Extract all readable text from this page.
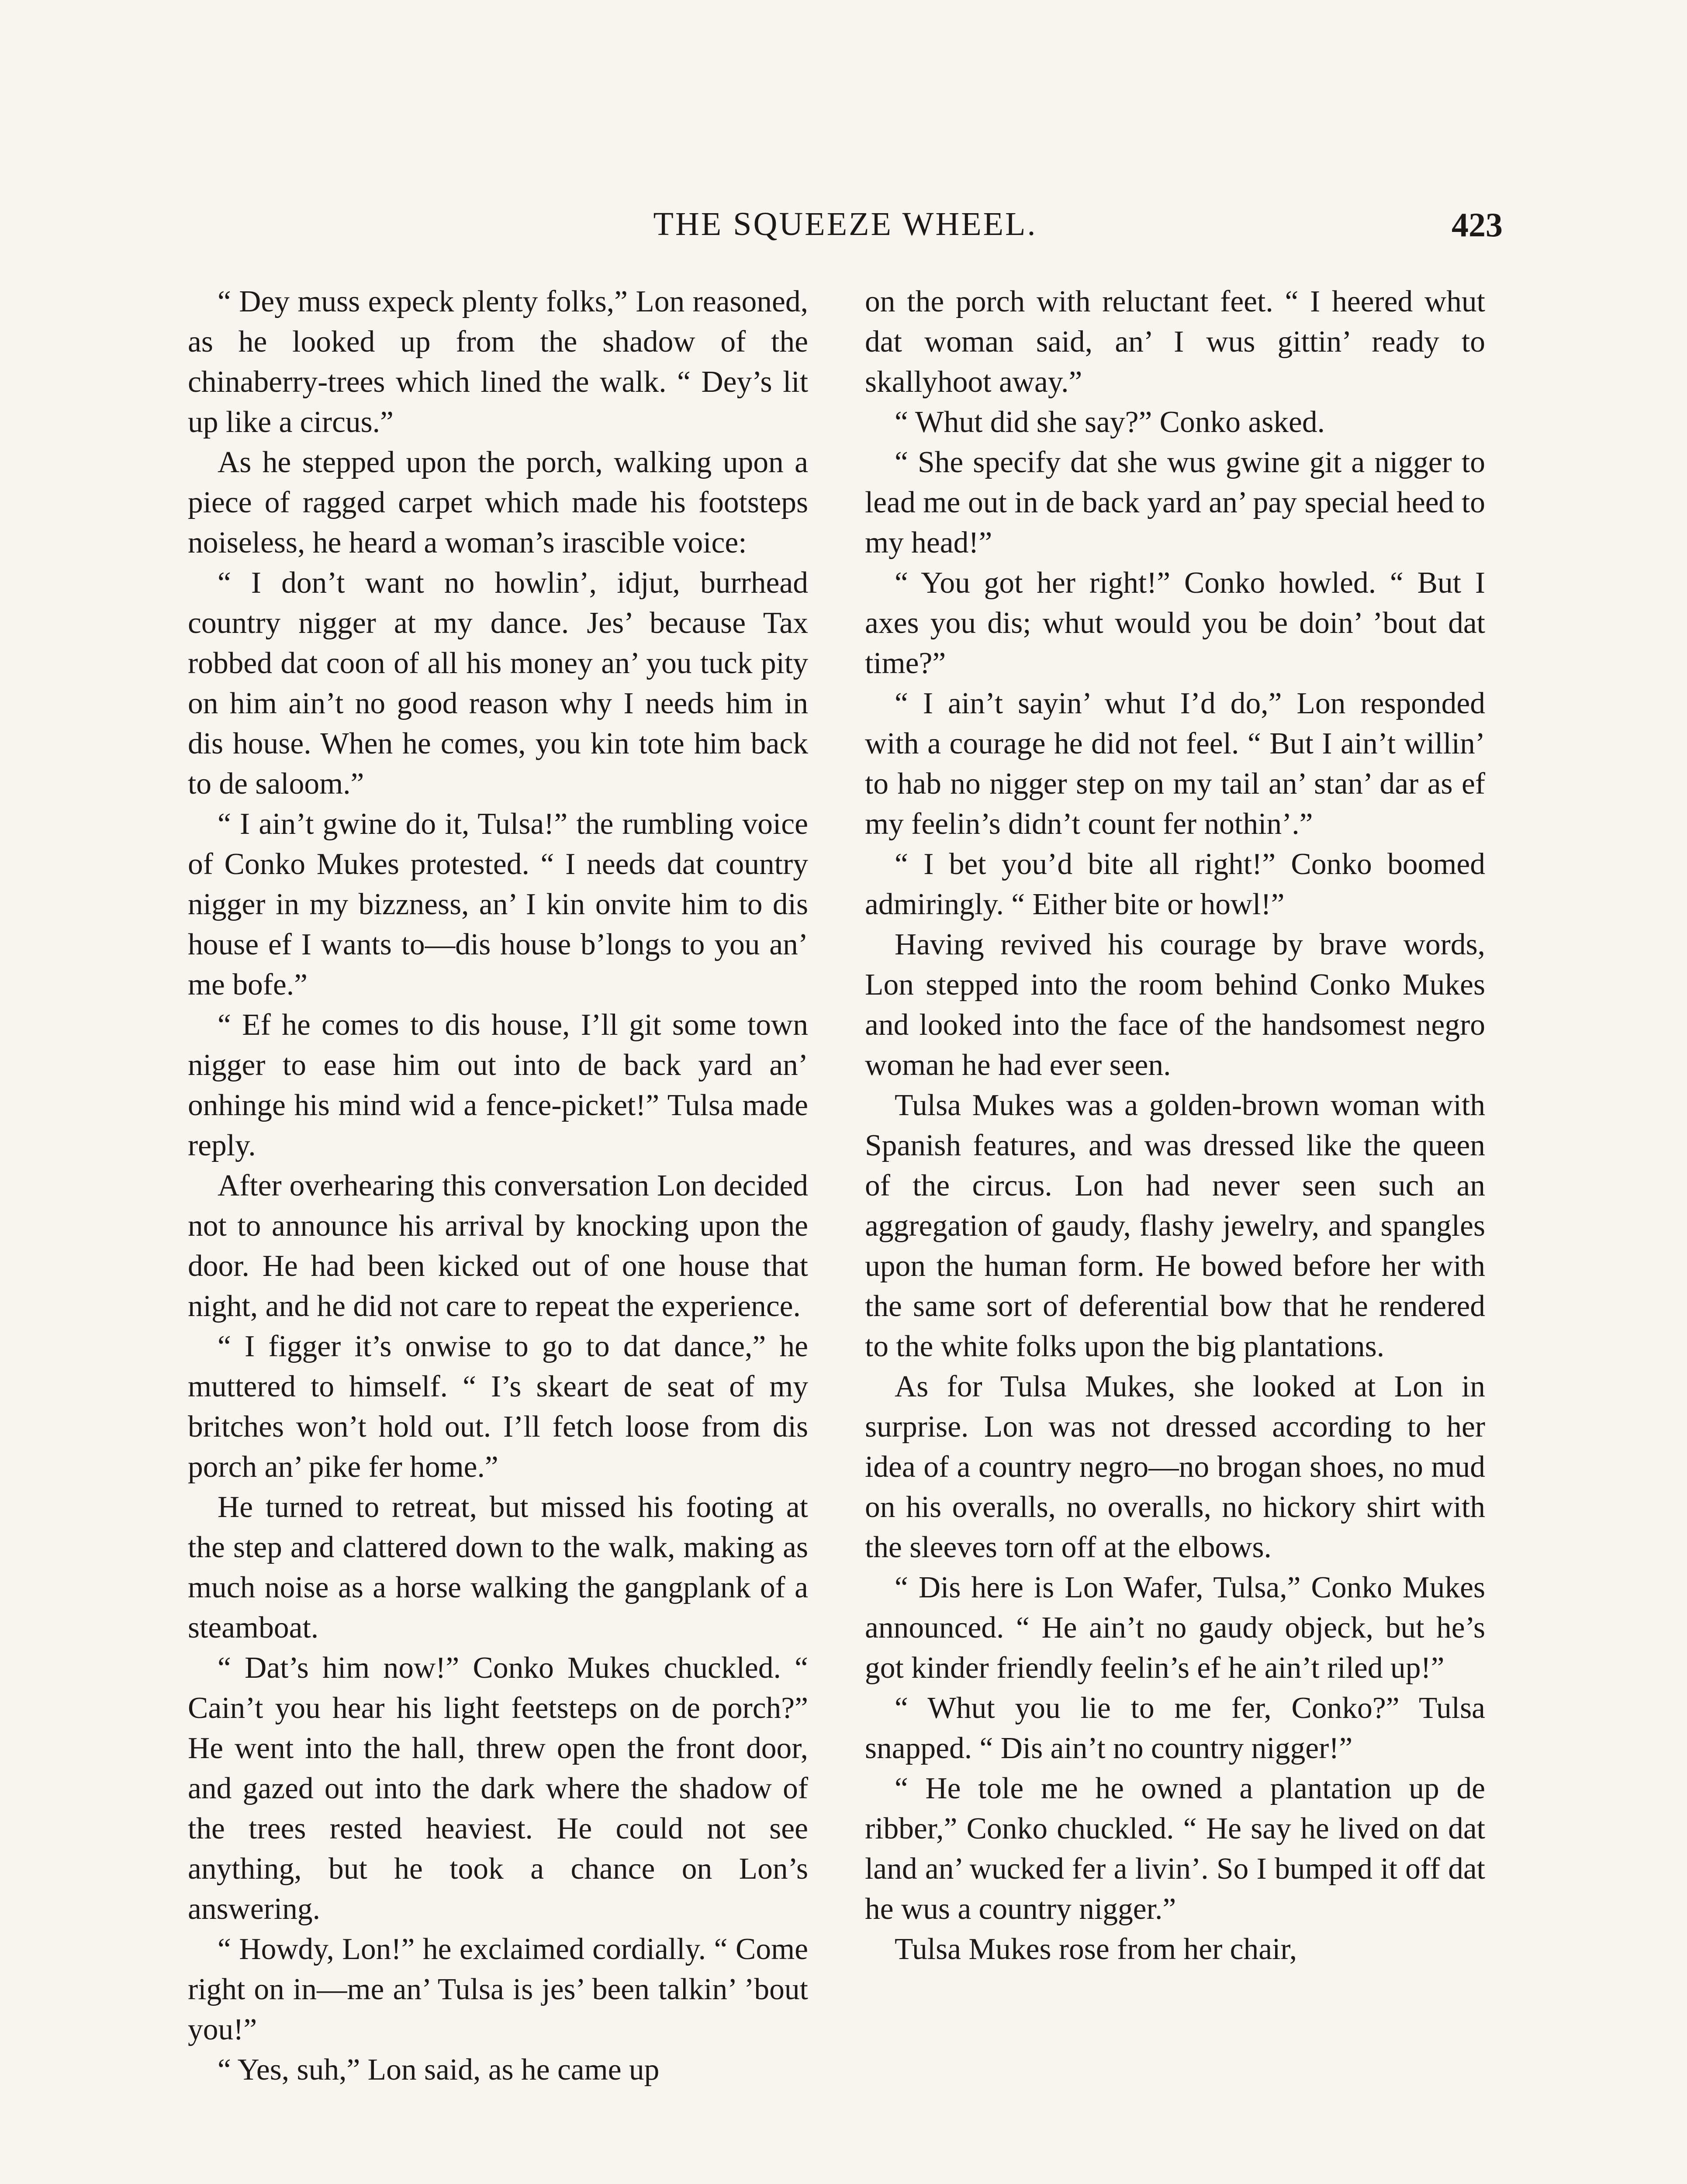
THE SQUEEZE WHEEL.	423

“ Dey muss expeck plenty folks,” Lon reasoned, as he looked up from the shadow of the chinaberry-trees which lined the walk. “ Dey’s lit up like a circus.”

As he stepped upon the porch, walking upon a piece of ragged carpet which made his footsteps noiseless, he heard a woman’s irascible voice:

“ I don’t want no howlin’, idjut, burrhead country nigger at my dance. Jes’ because Tax robbed dat coon of all his money an’ you tuck pity on him ain’t no good reason why I needs him in dis house. When he comes, you kin tote him back to de saloom.”

“ I ain’t gwine do it, Tulsa!” the rumbling voice of Conko Mukes protested. “ I needs dat country nigger in my bizzness, an’ I kin onvite him to dis house ef I wants to—dis house b’longs to you an’ me bofe.”

“ Ef he comes to dis house, I’ll git some town nigger to ease him out into de back yard an’ onhinge his mind wid a fence-picket!” Tulsa made reply.

After overhearing this conversation Lon decided not to announce his arrival by knocking upon the door. He had been kicked out of one house that night, and he did not care to repeat the experience.

“ I figger it’s onwise to go to dat dance,” he muttered to himself. “ I’s skeart de seat of my britches won’t hold out. I’ll fetch loose from dis porch an’ pike fer home.”

He turned to retreat, but missed his footing at the step and clattered down to the walk, making as much noise as a horse walking the gangplank of a steamboat.

“ Dat’s him now!” Conko Mukes chuckled. “ Cain’t you hear his light feetsteps on de porch?” He went into the hall, threw open the front door, and gazed out into the dark where the shadow of the trees rested heaviest. He could not see anything, but he took a chance on Lon’s answering.

“ Howdy, Lon!” he exclaimed cordially. “ Come right on in—me an’ Tulsa is jes’ been talkin’ ’bout you!”

“ Yes, suh,” Lon said, as he came up

on the porch with reluctant feet. “ I heered whut dat woman said, an’ I wus gittin’ ready to skallyhoot away.”

“ Whut did she say?” Conko asked.

“ She specify dat she wus gwine git a nigger to lead me out in de back yard an’ pay special heed to my head!”

“ You got her right!” Conko howled. “ But I axes you dis; whut would you be doin’ ’bout dat time?”

“ I ain’t sayin’ whut I’d do,” Lon responded with a courage he did not feel. “ But I ain’t willin’ to hab no nigger step on my tail an’ stan’ dar as ef my feelin’s didn’t count fer nothin’.”

“ I bet you’d bite all right!” Conko boomed admiringly. “ Either bite or howl!”

Having revived his courage by brave words, Lon stepped into the room behind Conko Mukes and looked into the face of the handsomest negro woman he had ever seen.

Tulsa Mukes was a golden-brown woman with Spanish features, and was dressed like the queen of the circus. Lon had never seen such an aggregation of gaudy, flashy jewelry, and spangles upon the human form. He bowed before her with the same sort of deferential bow that he rendered to the white folks upon the big plantations.

As for Tulsa Mukes, she looked at Lon in surprise. Lon was not dressed according to her idea of a country negro—no brogan shoes, no mud on his overalls, no overalls, no hickory shirt with the sleeves torn off at the elbows.

“ Dis here is Lon Wafer, Tulsa,” Conko Mukes announced. “ He ain’t no gaudy objeck, but he’s got kinder friendly feelin’s ef he ain’t riled up!”

“ Whut you lie to me fer, Conko?” Tulsa snapped. “ Dis ain’t no country nigger!”

“ He tole me he owned a plantation up de ribber,” Conko chuckled. “ He say he lived on dat land an’ wucked fer a livin’. So I bumped it off dat he wus a country nigger.”

Tulsa Mukes rose from her chair,
